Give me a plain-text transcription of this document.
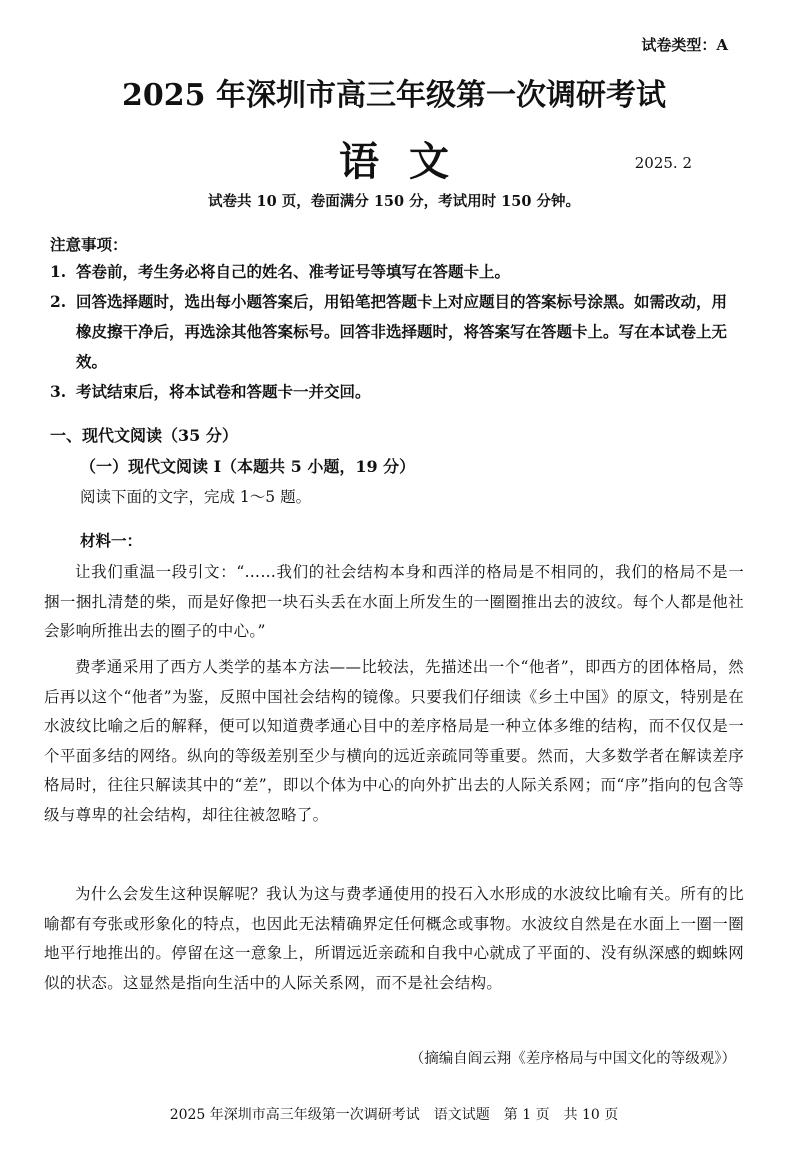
试卷类型：A
2025 年深圳市高三年级第一次调研考试
语文	2025. 2
试卷共 10 页，卷面满分 150 分，考试用时 150 分钟。
注意事项：
1. 答卷前，考生务必将自己的姓名、准考证号等填写在答题卡上。
2. 回答选择题时，选出每小题答案后，用铅笔把答题卡上对应题目的答案标号涂黑。如需改动，用橡皮擦干净后，再选涂其他答案标号。回答非选择题时，将答案写在答题卡上。写在本试卷上无效。
3. 考试结束后，将本试卷和答题卡一并交回。
一、现代文阅读（35 分）
（一）现代文阅读 I（本题共 5 小题，19 分）
阅读下面的文字，完成 1～5 题。
材料一：
让我们重温一段引文：“……我们的社会结构本身和西洋的格局是不相同的，我们的格局不是一捆一捆扎清楚的柴，而是好像把一块石头丢在水面上所发生的一圈圈推出去的波纹。每个人都是他社会影响所推出去的圈子的中心。”
费孝通采用了西方人类学的基本方法——比较法，先描述出一个“他者”，即西方的团体格局，然后再以这个“他者”为鉴，反照中国社会结构的镜像。只要我们仔细读《乡土中国》的原文，特别是在水波纹比喻之后的解释，便可以知道费孝通心目中的差序格局是一种立体多维的结构，而不仅仅是一个平面多结的网络。纵向的等级差别至少与横向的远近亲疏同等重要。然而，大多数学者在解读差序格局时，往往只解读其中的“差”，即以个体为中心的向外扩出去的人际关系网；而“序”指向的包含等级与尊卑的社会结构，却往往被忽略了。
为什么会发生这种误解呢？我认为这与费孝通使用的投石入水形成的水波纹比喻有关。所有的比喻都有夸张或形象化的特点，也因此无法精确界定任何概念或事物。水波纹自然是在水面上一圈一圈地平行地推出的。停留在这一意象上，所谓远近亲疏和自我中心就成了平面的、没有纵深感的蜘蛛网似的状态。这显然是指向生活中的人际关系网，而不是社会结构。
（摘编自阎云翔《差序格局与中国文化的等级观》）
2025 年深圳市高三年级第一次调研考试　语文试题　第 1 页　共 10 页
